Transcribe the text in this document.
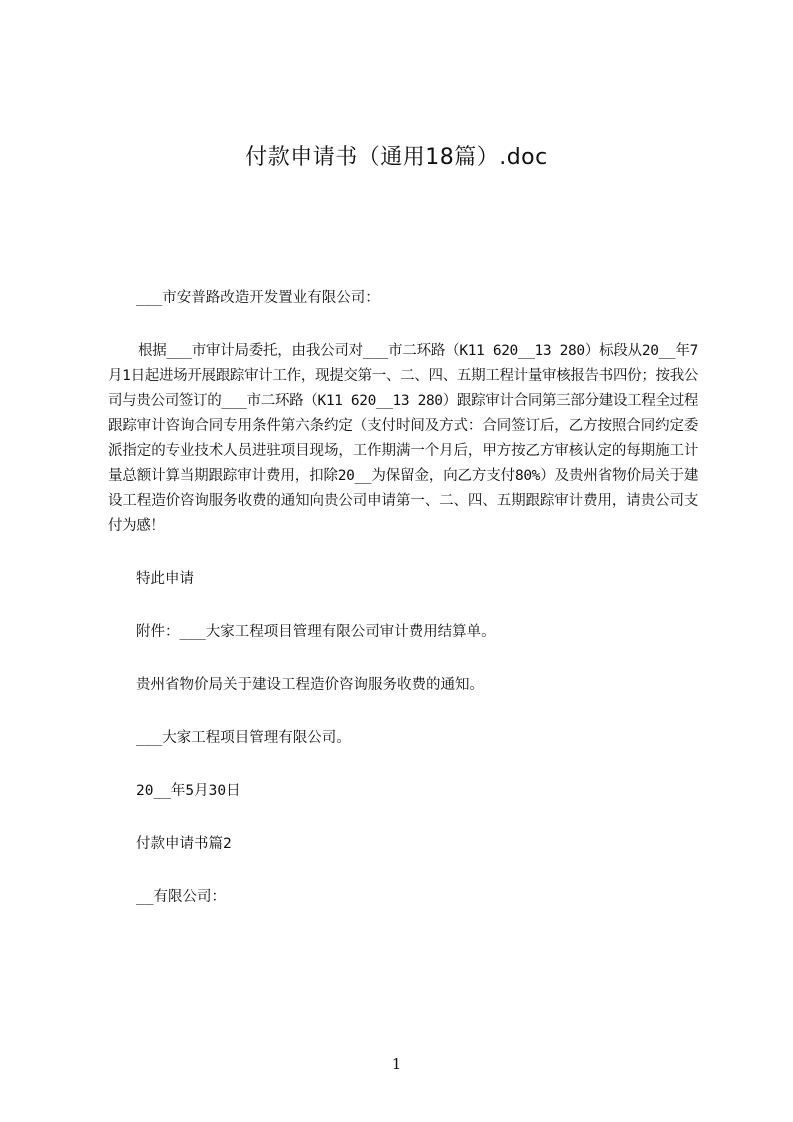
付款申请书（通用18篇）.doc

___市安普路改造开发置业有限公司：

根据___市审计局委托，由我公司对___市二环路（K11 620__13 280）标段从20__年7月1日起进场开展跟踪审计工作，现提交第一、二、四、五期工程计量审核报告书四份；按我公司与贵公司签订的___市二环路（K11 620__13 280）跟踪审计合同第三部分建设工程全过程跟踪审计咨询合同专用条件第六条约定（支付时间及方式：合同签订后，乙方按照合同约定委派指定的专业技术人员进驻项目现场，工作期满一个月后，甲方按乙方审核认定的每期施工计量总额计算当期跟踪审计费用，扣除20__为保留金，向乙方支付80%）及贵州省物价局关于建设工程造价咨询服务收费的通知向贵公司申请第一、二、四、五期跟踪审计费用，请贵公司支付为感！

特此申请

附件：___大家工程项目管理有限公司审计费用结算单。

贵州省物价局关于建设工程造价咨询服务收费的通知。

___大家工程项目管理有限公司。

20__年5月30日

付款申请书篇2

__有限公司：

1
